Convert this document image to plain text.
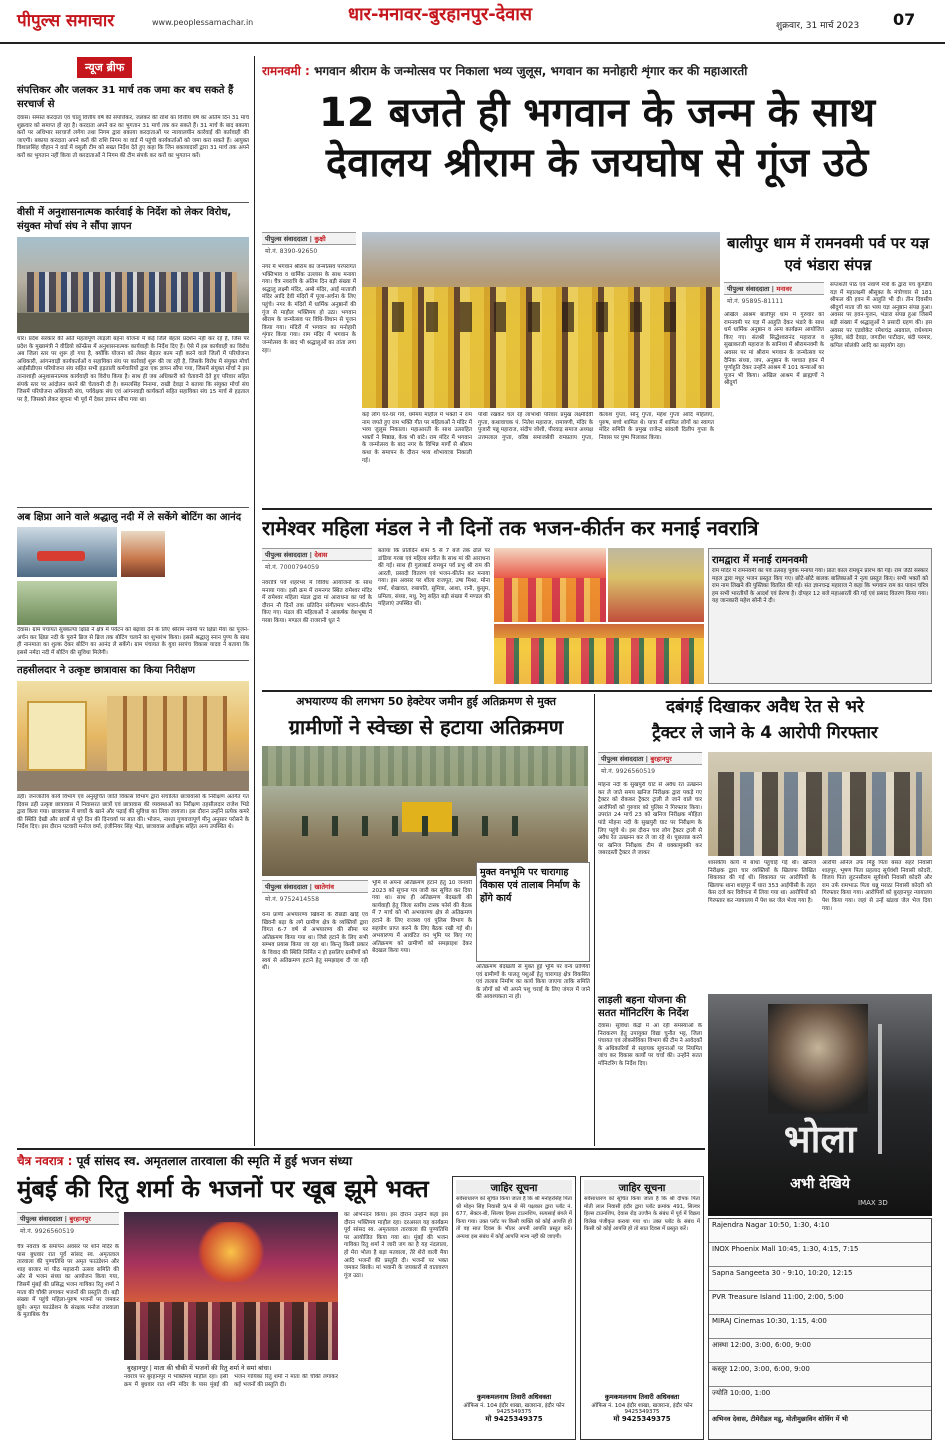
पीपुल्स समाचार	www.peoplessamachar.in	धार-मनावर-बुरहानपुर-देवास
शुक्रवार, 31 मार्च 2023 07
न्यूज ब्रीफ
संपत्तिकर और जलकर 31 मार्च तक जमा कर बच सकते हैं सरचार्ज से
देवास। समस्त करदाता एवं चालू वित्तीय वर्ष की संपत्तिकर, जलकर की राशि का वित्तीय वर्ष का अंतिम दिन 31 मार्च शुक्रवार को समाप्त हो रहा है। करदाता अपने कर का भुगतान 31 मार्च तक कर सकते हैं। 31 मार्च के बाद बकाया करों पर अधिभार सरचार्ज लगेगा तथा निगम द्वारा बकाया करदाताओं पर न्यायालयीन कार्रवाई की कार्रवाही की जाएगी। बकाया करदाता अपने करों की राशि निगम या वार्ड में पहुंची कार्यकर्ताओं को जमा करा सकते हैं। आयुक्त विशालसिंह चौहान ने वार्ड में वसूली टीम को सख्त निर्देश देते हुए कहा कि जिन बकायादारों द्वारा 31 मार्च तक अपने करों का भुगतान नहीं किया तो करदाताओं ने निगम की टीम संपर्क कर करों का भुगतान करें।
वीसी में अनुशासनात्मक कार्रवाई के निर्देश को लेकर विरोध, संयुक्त मोर्चा संघ ने सौंपा ज्ञापन
धार। प्रदेश सरकार की अति महत्वपूर्ण लाड़ली बहना योजना में कई जिले बेहतर प्रदर्शन नहीं कर रहे हैं, जिस पर प्रदेश के मुख्यमंत्री ने वीडियो कॉन्फ्रेंस में अनुशासनात्मक कार्यवाही के निर्देश दिए हैं। ऐसे में इस कार्यवाही का विरोध अब जिला स्तर पर शुरू हो गया है, क्योंकि योजना को लेकर बेहतर काम नहीं करने वाले जिलों में परियोजना अधिकारी, आंगनवाड़ी कार्यकर्ताओं व सहायिका संघ पर कार्रवाई शुरू की जा रही है, जिसके विरोध में संयुक्त मोर्चा आईसीडीएस परियोजना संघ सहित सभी हड़ताली कर्मचारियों द्वारा एक ज्ञापन सौंपा गया, जिसमें संयुक्त मोर्चा ने इस तानाशाही अनुशासनात्मक कार्यवाही का विरोध किया है। साथ ही जब अधिकारी को चेतावनी देते हुए परिवार सहित संपर्क स्तर पर आंदोलन करने की चेतावनी दी है। कमलसिंह निनामा, राखी देवड़ा ने बताया कि संयुक्त मोर्चा संघ जिसमें परियोजना अधिकारी संघ, पर्यवेक्षक संघ एवं आंगनवाड़ी कार्यकर्ता सहित सहायिका संघ 15 मार्च से हड़ताल पर है, जिसको लेकर सूचना भी पूर्व में देकर ज्ञापन सौंपा गया था।
अब क्षिप्रा आने वाले श्रद्धालु नदी में ले सकेंगे बोटिंग का आनंद
देवास। ग्राम पंचायत सुक्कल्या क्षिप्रा ने क्षेत्र में पर्यटन को बढ़ावा देने के लिए श्रीराम नवमी पर क्षिप्रा मैया का पूजन-अर्चन कर क्षिप्रा नदी के पुराने ब्रिज से ब्रिज तक बोटिंग चलाने का शुभारंभ किया। इससे श्रद्धालु स्नान पुण्य के साथ ही नानमाता का शुल्क देकर बोटिंग का आनंद ले सकेंगे। ग्राम पंचायत के युवा सरपंच विकास यादव ने बताया कि इससे नर्मदा नदी में बोटिंग की सुविधा मिलेगी।
तहसीलदार ने उत्कृष्ट छात्रावास का किया निरीक्षण
डही। जनजातीय कार्य विभाग एवं अनुसूचित जाति विकास विभाग द्वारा संचालित छात्रावासों के निरीक्षण अंतर्गत गत दिवस डही उत्कृष्ट छात्रावास में निवासरत छात्रों एवं छात्रावास की व्यवस्थाओं का निरीक्षण तहसीलदार राजेश भिडे द्वारा किया गया। छात्रावास में बच्चों के खाने और पढ़ाई की सुविधा का लिया जायजा। इस दौरान उन्होंने प्रत्येक कमरे की स्थिति देखी और छात्रों से पूरे दिन की दिनचर्या पर बात की। भोजन, नाश्ता गुणवत्तापूर्ण मीनू अनुसार परोसने के निर्देश दिए। इस दौरान पटवारी मनोज वर्मा, इंजीनियर सिंह भेड़ा, छात्रावास अधीक्षक सहित अन्य उपस्थित थे।
रामनवमी : भगवान श्रीराम के जन्मोत्सव पर निकाला भव्य जुलूस, भगवान का मनोहारी शृंगार कर की महाआरती
12 बजते ही भगवान के जन्म के साथ
देवालय श्रीराम के जयघोष से गूंज उठे
पीपुल्स संवाददाता | कुक्षी
मो.नं. 8390-92650
नगर में भगवान श्रीराम का जन्मोत्सव परंपरागत भक्तिभाव व धार्मिक उल्लास के साथ मनाया गया। चैत्र नवरात्रि के अंतिम दिन बड़ी संख्या में श्रद्धालु लक्ष्मी मंदिर, अम्बे मंदिर, आई माताजी मंदिर आदि देवी मंदिरों में पूजा-अर्चना के लिए पहुंचे। नगर के मंदिरों में धार्मिक अनुष्ठानों की गूंज से माहौल भक्तिमय हो उठा। भगवान श्रीराम के जन्मोत्सव पर विधि-विधान से पूजन किया गया। मंदिरों में भगवान का मनोहारी शृंगार किया गया। राम मंदिर में भगवान के जन्मोत्सव के बाद भी श्रद्धालुओं का तांता लगा रहा।
कई लोग घर-घर गये, धर्ममय माहौल में भक्तों ने राम नाम जपते हुए राम भक्ति गीत पर महिलाओं ने मंदिर में भव्य जुलूस निकाला। महाआरती के साथ उत्साहित भक्तों ने मिष्ठान्न, केक भी बांटे। राम मंदिर में भगवान के जन्मोत्सव के बाद नगर के विभिन्न मार्गों से श्रीराम कथा के समापन के दौरान भव्य शोभायात्रा निकाली गई।
पोथी रखकर चल रहे लाभार्थी परिवार प्रमुख लक्ष्मीदेवी गुप्ता, कथावाचक पं. नितेश महाराज, रामायणी, मंदिर के पुजारी पन्नू महाराज, संदीप जोशी, पीरवाड़ समाज अध्यक्ष उत्तमलाल गुप्ता, वरिष्ठ समाजसेवी रामप्रताप गुप्ता, कैलाश गुप्ता, सोनू गुप्ता, महेश गुप्ता आदि महिलाएं, पुरुष, बच्चे शामिल थे। यात्रा में शामिल लोगों का स्वागत मंदिर समिति के प्रमुख राजेन्द्र सांवली दिलीप गुप्ता के निवास पर पुष्प पिलाकर किया।
बालीपुर धाम में रामनवमी पर्व पर यज्ञ एवं भंडारा संपन्न
पीपुल्स संवाददाता | मनावर
मो.नं. 95895-81111
अखिल आश्रम बालीपुर धाम में गुरुवार को रामनवमी पर यज्ञ में आहुति देकर भंडारे के साथ धर्म धार्मिक अनुष्ठान व अन्य कार्यक्रम आयोजित किए गए। संतश्री सिद्धेश्वरानंद महाराज व सुखाकरजी महाराज के सानिध्य में श्रीरामनवमी के अवसर पर मां श्रीराम भगवान के जन्मोत्सव पर दैनिक संध्या, जप, अनुष्ठान के पश्चात हवन में पूर्णाहुति देकर उन्होंने आश्रम में 101 कन्याओं का पूजन भी किया। अखिल आश्रम में ब्राह्मणों ने श्रीदुर्गा
सप्तशती पाठ एवं नवार्ण मंत्रों के द्वारा पंच कुण्डीय यज्ञ में महालक्ष्मी श्रीसूक्त के मंत्रोच्चार से 181 श्रीफल की हवन में आहुति भी दी। तीन दिवसीय श्रीदुर्गा माता जी का भव्य यज्ञ अनुष्ठान संपन्न हुआ। अवसर पर हवन-पूजन, भंडारा संपन्न हुआ जिसमें बड़ी संख्या में श्रद्धालुओं ने प्रसादी ग्रहण की। इस अवसर पर एडवोकेट रमेशचंद्र अग्रवाल, राधेश्याम मुलेवा, बंदी देवड़ा, जगदीश पाटीदार, बंदी परमार, कपिल सोलंकी आदि का सहयोग रहा।
रामेश्वर महिला मंडल ने नौ दिनों तक भजन-कीर्तन कर मनाई नवरात्रि
पीपुल्स संवाददाता | देवास
मो.नं. 7000794059
नवरात्रि पर्व शहरभर में विविध आयोजनों के साथ मनाया गया। इसी क्रम में रामनगर स्थित रामेश्वर मंदिर में रामेश्वर महिला मंडल द्वारा मां आराधना का पर्व के दौरान नौ दिनों तक प्रतिदिन संगीतमय भजन-कीर्तन किए गए। मंडल की महिलाओं ने आकर्षक वेशभूषा में गरबा किया। मण्डल की राजरानी धूत ने
बताया कि प्रतिदिन शाम 5 से 7 बजे तक ढोल पर डांडिया गरबा एवं महिला संगीत के साथ मां की आराधना की गई। साथ ही गुलाबार्ड रामधुन पर्व प्रभु श्री राम की आरती, प्रसादी वितरण एवं भजन-कीर्तन कर मनाया गया। इस अवसर पर शीला राजपूत, उषा मिश्रा, मोना शर्मा, शेखावत, रुबापति, सुमित्रा, आशा, रानी, कुसुम, प्रमिला, संध्या, मधु, रेणु सहित बड़ी संख्या में मण्डल की महिलाएं उपस्थित थीं।
रामद्वारा में मनाई रामनवमी
राम मंदिर में रामनवमी का पर्व उत्साह पूर्वक मनाया गया। प्रातः काल रामधुन प्रारंभ की गई। राम जेठी संस्कार महल द्वारा मधुर भजन प्रस्तुत किए गए। छोटे-छोटे बालक बालिकाओं ने नृत्य प्रस्तुत किए। सभी भक्तों को राम नाम लिखने की पुस्तिका वितरित की गई। संत ज्ञानचन्द्र महाराज ने कहा कि भगवान राम का पावन चरित्र हम सभी भारतीयों के आदर्श एवं प्रेरणा है। दोपहर 12 बजे महाआरती की गई एवं प्रसाद वितरण किया गया। यह जानकारी महेश सोनी ने दी।
अभयारण्य की लगभग 50 हेक्टेयर जमीन हुई अतिक्रमण से मुक्त
ग्रामीणों ने स्वेच्छा से हटाया अतिक्रमण
मुक्त वनभूमि पर चारागाह विकास एवं तालाब निर्माण के होंगे कार्य
पीपुल्स संवाददाता | खातेगांव
मो.नं. 9752414558
वन्य प्राणी अभयारण्य खिवनी के रीछडी खोई एवं खिवनी बड़ा के लगे ग्रामीण क्षेत्र के व्यक्तियों द्वारा विगत 6-7 वर्ष से अभयारण्य की सीमा पर अतिक्रमण किया गया था। जिसे हटाने के लिए सभी सम्भव प्रयास किया जा रहा था। किन्तु किसी प्रकार के विवाद की स्थिति निर्मित न हो इसलिए ग्रामीणों को स्वयं से अतिक्रमण हटाने हेतु समझाइश दी जा रही थी।
भूमि से अपना अतिक्रमण हटाने हेतु 10 जनवरी 2023 को सूचना पत्र जारी कर सूचित कर दिया गया था। साथ ही अतिक्रमण बेदखली की कार्यवाही हेतु जिला स्तरीय टास्क फोर्स की बैठक में 7 मार्च को भी अभयारण्य क्षेत्र से अतिक्रमण हटाने के लिए राजस्व एवं पुलिस विभाग के सहयोग प्राप्त करने के लिए बैठक रखी गई थी। अभयारण्य में आवंटित वन भूमि पर किए गए अतिक्रमण को ग्रामीणों को समझाइश देकर बेदखल किया गया।
अतिक्रमण बेदखली से मुक्त हुई भूमि पर वन्य प्राणियों एवं ग्रामीणों के पालतू पशुओं हेतु चारागाह क्षेत्र विकसित एवं तालाब निर्माण का कार्य किया जाएगा ताकि समिति के लोगों को भी अपने पशु चराई के लिए जंगल में जाने की आवश्यकता ना हो।
दबंगई दिखाकर अवैध रेत से भरे
ट्रैक्टर ले जाने के 4 आरोपी गिरफ्तार
पीपुल्स संवाददाता | बुरहानपुर
मो.नं. 9926560519
मोहना नदी के सुखपुरी घाट से अवैध रेत उत्खनन कर ले जाते समय खनिज निरीक्षक द्वारा पकड़े गए ट्रैक्टर को रोककर ट्रैक्टर ट्राली ले जाने वाले चार आरोपियों को गुरुवार को पुलिस ने गिरफ्तार किया। उपरांत 24 मार्च 23 को खनिज निरीक्षक मोहिता पांडे मोहना नदी के सुखपुरी घाट पर निरीक्षण के लिए पहुंचे थे। इस दौरान चार लोग ट्रैक्टर ट्राली से अवैध रेत उत्खनन कर ले जा रहे थे। पूछताछ करने पर खनिज निरीक्षक टीम से धक्कामुक्की कर जबरदस्ती ट्रैक्टर ले जाकर
शासकीय कार्य में बाधा पहुंचाई गई थी। खनिज निरीक्षक द्वारा चार व्यक्तियों के खिलाफ लिखित शिकायत की गई थी। शिकायत पर आरोपियों के खिलाफ थाना शाहपुर में धारा 353 आईपीसी के तहत केस दर्ज कर विवेचना में लिया गया था। आरोपियों को गिरफ्तार कर न्यायालय में पेश कर जेल भेजा गया है।
आरोपी अनिल उर्फ मिठ्ठू पिता बसंत सहरे निवासी शाहपुर, भूषण पिता प्रहलाद सूर्यवंशी निवासी कोदरी, विजय पिता लुटनसीराम सूर्यवंशी निवासी कोदरी और राम उर्फ रामभाऊ पिता धन्नू मराठा निवासी कोदरी को गिरफ्तार किया गया। आरोपियों को बुरहानपुर न्यायालय पेश किया गया। जहां से उन्हें खंडवा जेल भेज दिया गया।
लाड़ली बहना योजना की सतत मॉनिटरिंग के निर्देश
देवास। सुविधा केंद्रों में आ रही समस्याओं के निराकरण हेतु उपायुक्त विद्या चुनौत भट्ट, जिला पंचायत एवं लोकसेविका विभाग की टीम ने आवेदकों के अधिकारियों से सहायक सूचनाओं पर नियमित जांच कर विकास कार्यों पर चर्चा की। उन्होंने सतत मॉनिटरिंग के निर्देश दिए।
भोला
अभी देखिये
IMAX 3D
चैत्र नवरात्र : पूर्व सांसद स्व. अमृतलाल तारवाला की स्मृति में हुई भजन संध्या
मुंबई की रितु शर्मा के भजनों पर खूब झूमे भक्त
पीपुल्स संवाददाता | बुरहानपुर
मो.नं. 9926560519
चैत्र नवरात्र के समापन अवसर पर शनि मंदिर के पास बुधवार रात पूर्व सांसद स्व. अमृतलाल तारवाला की पुण्यतिथि पर अमृत फाउंडेशन और शाह बाजार मां पीठ महारानी उत्सव समिति की ओर से भजन संध्या का आयोजन किया गया, जिसमें मुंबई की प्रसिद्ध भजन गायिका रितु शर्मा ने माता की चौकी लगाकर भजनों की प्रस्तुति दी। बड़ी संख्या में पहुंचे महिला-पुरुष भजनों पर जमकर झूमे। अमृत फाउंडेशन के संरक्षक मनोज तारवाला के मुताबिक चैत्र
बुरहानपुर | माता की चौकी में भजनों की रितु शर्मा ने समां बांधा।
नवरात्र पर बुरहानपुर में भक्तिमय माहौल रहा। इसी क्रम में बुधवार रात शनि मंदिर के पास मुंबई की भजन गायिका रितु शर्मा ने माता की चौकी लगाकर कई भजनों की प्रस्तुति दी।
का अभिनंदन किया। इस दौरान उन्होंने कहा इस दौरान भक्तिमय माहौल रहा। दरअसल यह कार्यक्रम पूर्व सांसद स्व. अमृतलाल तारवाला की पुण्यतिथि पर आयोजित किया गया था। मुंबई की भजन गायिका रितु शर्मा ने जारी जग का है यह नंदलाला, हो मेरा भोला है बड़ा मतवाला, तेरे शेरो वाली मैया आदि भजनों की प्रस्तुति दी। भजनों पर भक्त जमकर थिरके। मां भवानी के जयकारों से वातावरण गूंज उठा।
जाहिर सूचना
सर्वसाधारण को सूचित किया जाता है कि श्री मनोहरसिंह पिता श्री मोहन सिंह निवासी 9/4 से मेरे पक्षकार द्वारा प्लॉट नं. 677, सेक्टर-बी, सिल्वर हिल्स टाउनशिप, सत्यसाई बंगले में किया गया। उक्त प्लॉट पर किसी व्यक्ति को कोई आपत्ति हो तो वह सात दिवस के भीतर अपनी आपत्ति प्रस्तुत करें। अन्यथा इस संबंध में कोई आपत्ति मान्य नहीं की जाएगी।
कुमकमलनाथ तिवारी अधिवक्ता
ऑफिस नं. 104 इंदौर शाखा, खजराना, इंदौर फोन 9425349375
मो 9425349375
जाहिर सूचना
सर्वसाधारण को सूचित किया जाता है कि श्री दीपक पिता मोती लाल निवासी इंदौर द्वारा प्लॉट क्रमांक 491, सिल्वर हिल्स टाउनशिप, देवास रोड़ उज्जैन के संबंध में पूर्व में विक्रय विलेख पंजीकृत कराया गया था। उक्त प्लॉट के संबंध में किसी को कोई आपत्ति हो तो सात दिवस में प्रस्तुत करें।
कुमकमलनाथ तिवारी अधिवक्ता
ऑफिस नं. 104 इंदौर शाखा, खजराना, इंदौर फोन 9425349375
मो 9425349375
Rajendra Nagar 10:50, 1:30, 4:10
INOX Phoenix Mall 10:45, 1:30, 4:15, 7:15
Sapna Sangeeta 30 - 9:10, 10:20, 12:15
PVR Treasure Island 11:00, 2:00, 5:00
MIRAJ Cinemas 10:30, 1:15, 4:00
आस्था 12:00, 3:00, 6:00, 9:00
कस्तूर 12:00, 3:00, 6:00, 9:00
ज्योति 10:00, 1:00
अभिनव देवास, टीमेरीडल मडू, मोतीमुछाविन शोविंग में भी
